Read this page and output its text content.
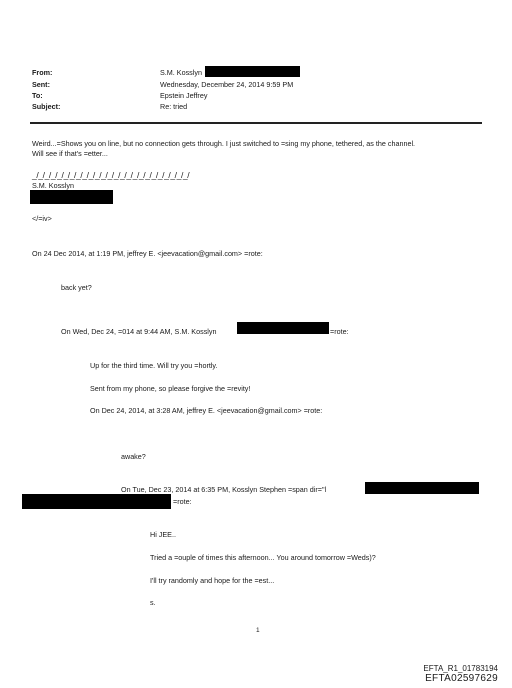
From:
Sent:
To:
Subject:
S.M. Kosslyn
Wednesday, December 24, 2014 9:59 PM
Epstein Jeffrey
Re: tried
Weird...=Shows you on line, but no connection gets through. I just switched to =sing my phone, tethered, as the channel.
Will see if that's =etter...
_/_/_/_/_/_/_/_/_/_/_/_/_/_/_/_/_/_/_/_/_/_/_/_/_/
S.M. Kosslyn
</=iv>
On 24 Dec 2014, at 1:19 PM, jeffrey E. <jeevacation@gmail.com> =rote:
back yet?
On Wed, Dec 24, =014 at 9:44 AM, S.M. Kosslyn	=rote:
Up for the third time. Will try you =hortly.
Sent from my phone, so please forgive the =revity!
On Dec 24, 2014, at 3:28 AM, jeffrey E. <jeevacation@gmail.com> =rote:
awake?
On Tue, Dec 23, 2014 at 6:35 PM, Kosslyn Stephen =span dir="l
=rote:
Hi JEE..
Tried a =ouple of times this afternoon... You around tomorrow =Weds)?
I'll try randomly and hope for the =est...
s.
1
EFTA_R1_01783194
EFTA02597629
